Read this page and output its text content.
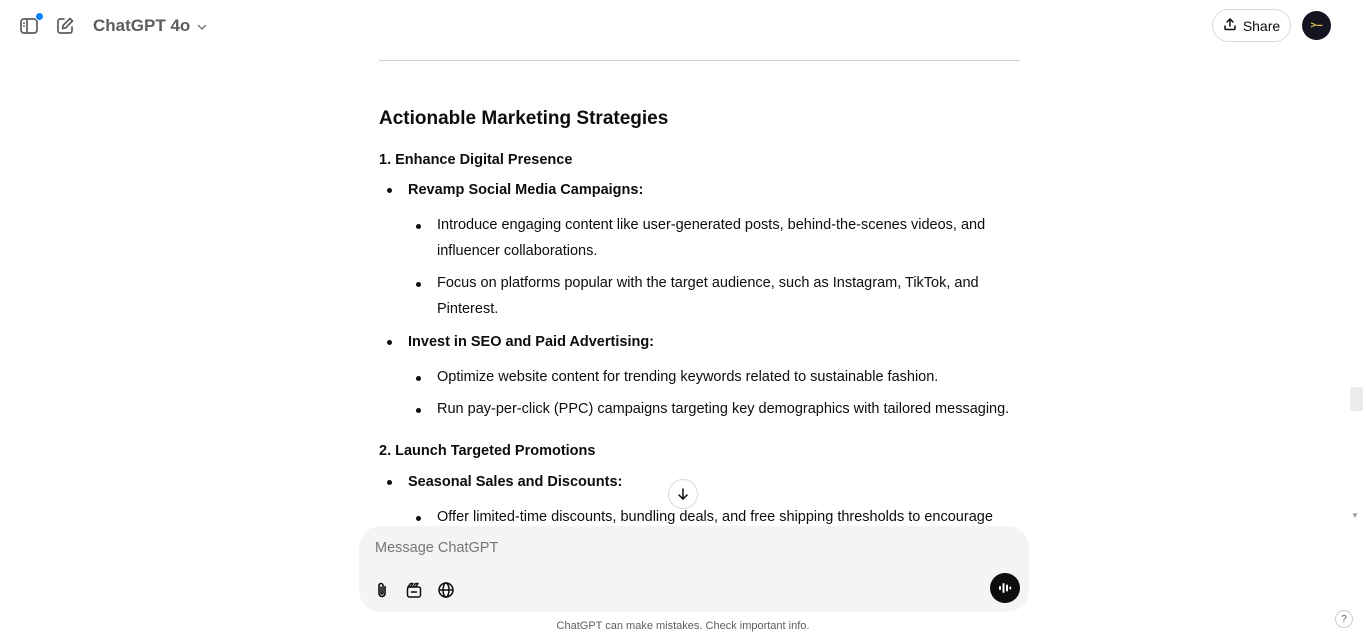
ChatGPT 4o	Share	>–
Actionable Marketing Strategies
1. Enhance Digital Presence
Revamp Social Media Campaigns:
Introduce engaging content like user-generated posts, behind-the-scenes videos, and influencer collaborations.
Focus on platforms popular with the target audience, such as Instagram, TikTok, and Pinterest.
Invest in SEO and Paid Advertising:
Optimize website content for trending keywords related to sustainable fashion.
Run pay-per-click (PPC) campaigns targeting key demographics with tailored messaging.
2. Launch Targeted Promotions
Seasonal Sales and Discounts:
Offer limited-time discounts, bundling deals, and free shipping thresholds to encourage
Message ChatGPT
ChatGPT can make mistakes. Check important info.
▼
?
